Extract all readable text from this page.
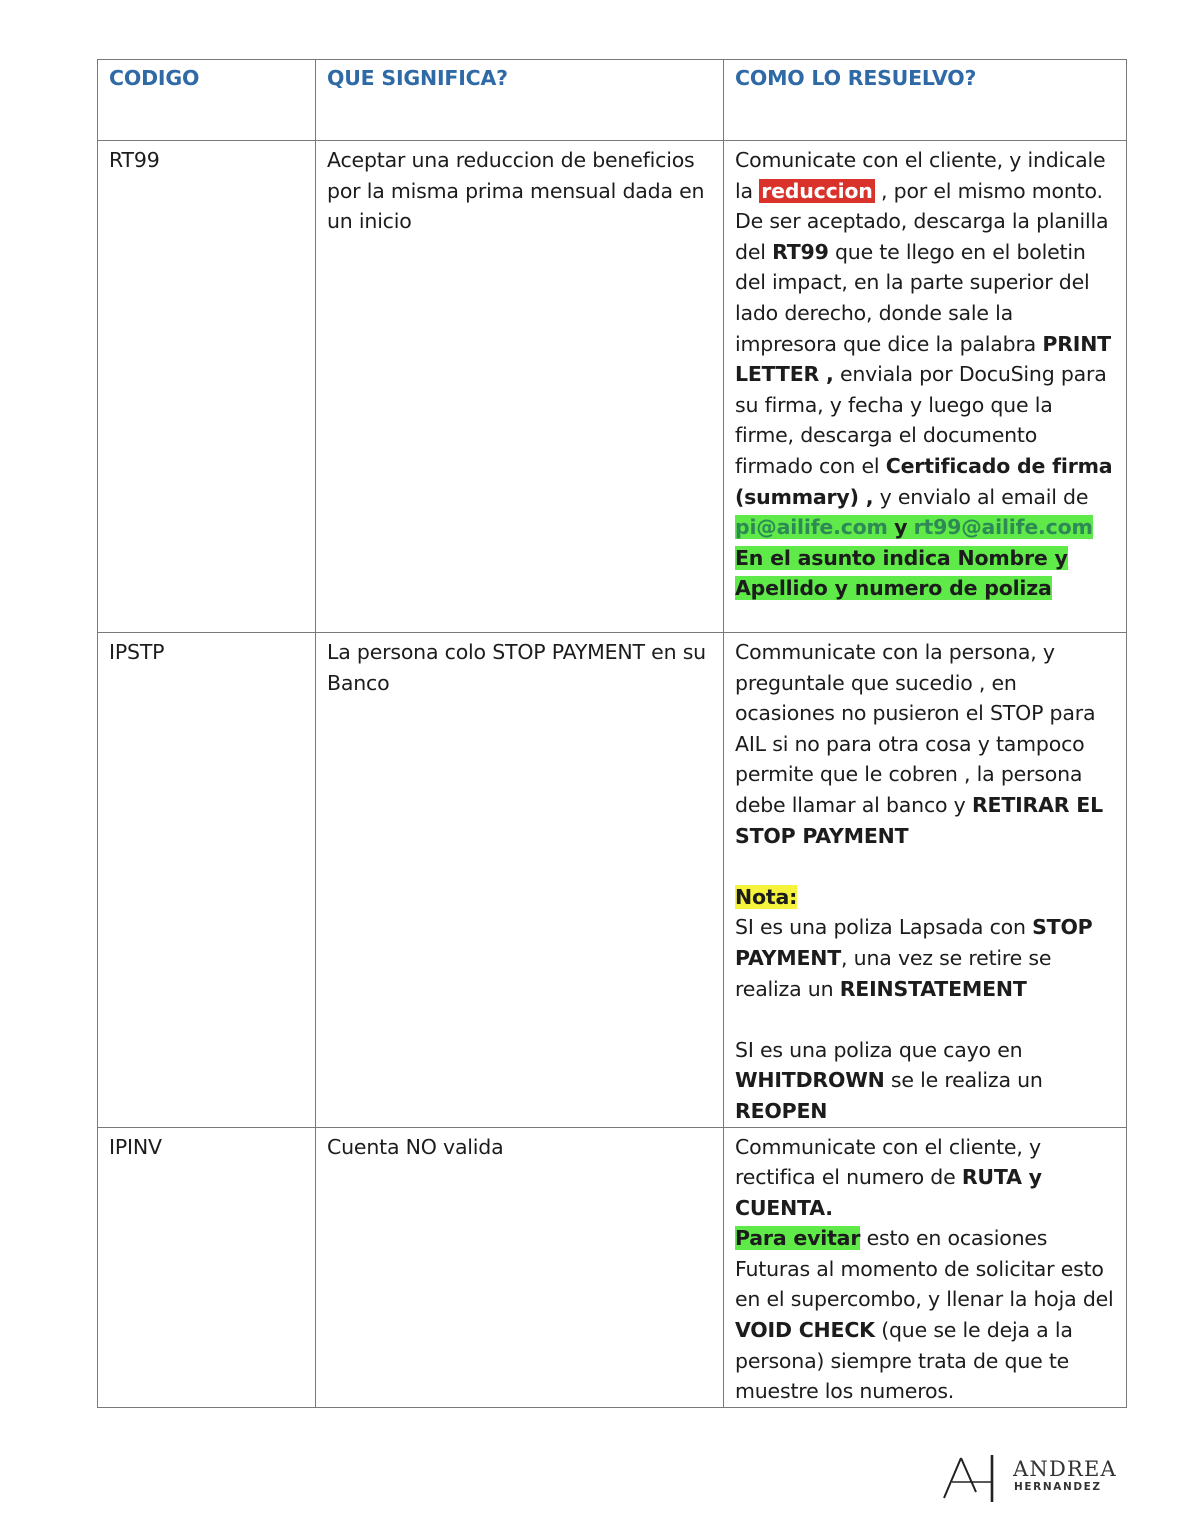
CODIGO	QUE SIGNIFICA?	COMO LO RESUELVO?
RT99	Aceptar una reduccion de beneficios por la misma prima mensual dada en un inicio	Comunicate con el cliente, y indicale la reduccion , por el mismo monto. De ser aceptado, descarga la planilla del RT99 que te llego en el boletin del impact, en la parte superior del lado derecho, donde sale la impresora que dice la palabra PRINT LETTER , enviala por DocuSing para su firma, y fecha y luego que la firme, descarga el documento firmado con el Certificado de firma (summary) , y envialo al email de pi@ailife.com y rt99@ailife.com
En el asunto indica Nombre y Apellido y numero de poliza
IPSTP	La persona colo STOP PAYMENT en su Banco	Communicate con la persona, y preguntale que sucedio , en ocasiones no pusieron el STOP para AIL si no para otra cosa y tampoco permite que le cobren , la persona debe llamar al banco y RETIRAR EL STOP PAYMENT
Nota:
SI es una poliza Lapsada con STOP PAYMENT, una vez se retire se realiza un REINSTATEMENT
SI es una poliza que cayo en WHITDROWN se le realiza un REOPEN
IPINV	Cuenta NO valida	Communicate con el cliente, y rectifica el numero de RUTA y CUENTA.
Para evitar esto en ocasiones Futuras al momento de solicitar esto en el supercombo, y llenar la hoja del VOID CHECK (que se le deja a la persona) siempre trata de que te muestre los numeros.
ANDREA
HERNANDEZ
